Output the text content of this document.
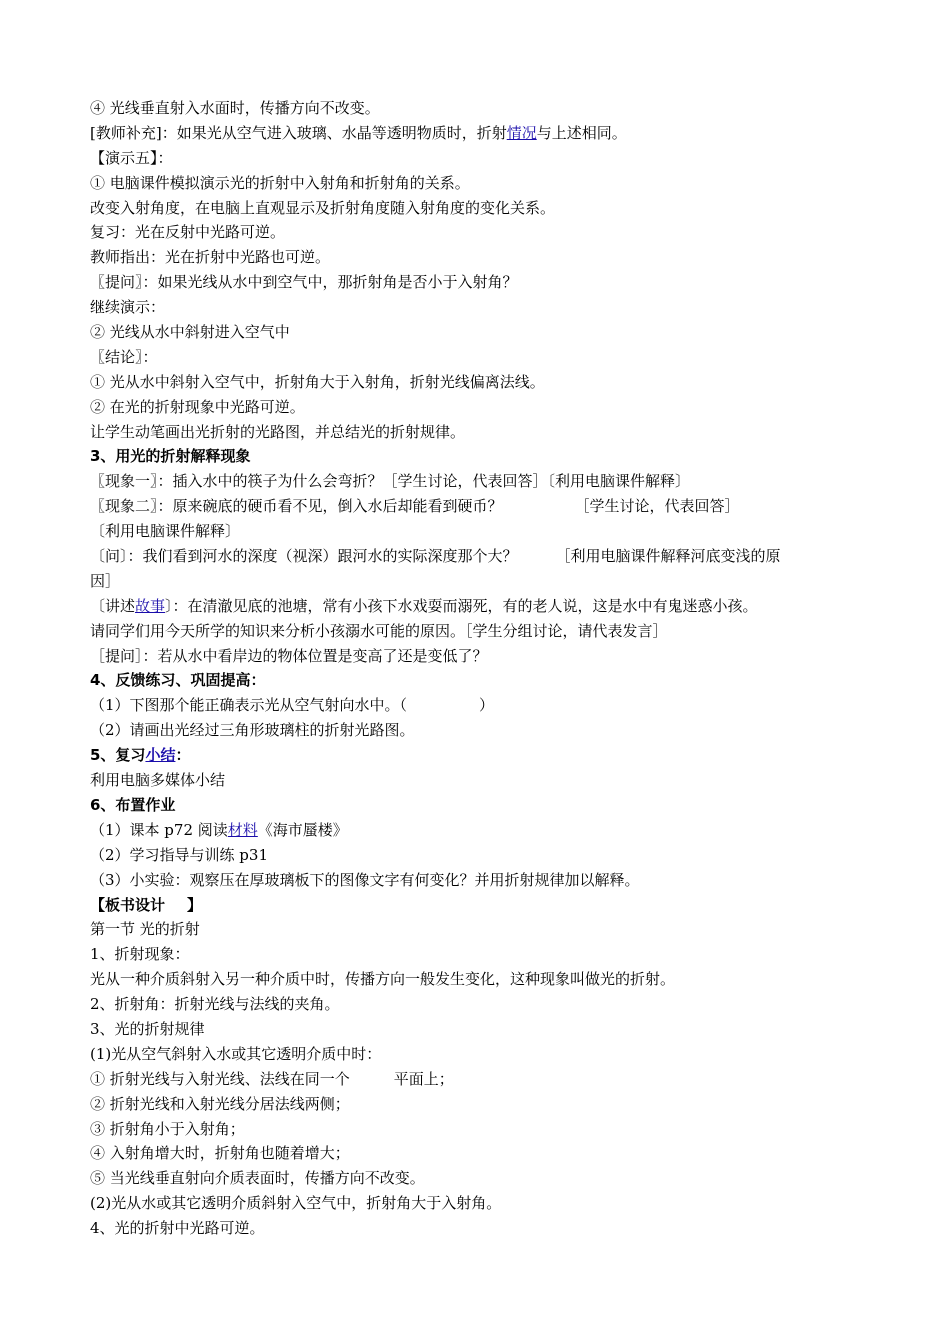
④ 光线垂直射入水面时，传播方向不改变。
[教师补充]：如果光从空气进入玻璃、水晶等透明物质时，折射情况与上述相同。
【演示五】：
① 电脑课件模拟演示光的折射中入射角和折射角的关系。
改变入射角度，在电脑上直观显示及折射角度随入射角度的变化关系。
复习：光在反射中光路可逆。
教师指出：光在折射中光路也可逆。
〖提问〗：如果光线从水中到空气中，那折射角是否小于入射角？
继续演示：
② 光线从水中斜射进入空气中
〖结论〗：
① 光从水中斜射入空气中，折射角大于入射角，折射光线偏离法线。
② 在光的折射现象中光路可逆。
让学生动笔画出光折射的光路图，并总结光的折射规律。
3、用光的折射解释现象
〖现象一〗：插入水中的筷子为什么会弯折？［学生讨论，代表回答］〔利用电脑课件解释〕
〖现象二〗：原来碗底的硬币看不见，倒入水后却能看到硬币？	［学生讨论，代表回答］
〔利用电脑课件解释〕
〔问〕：我们看到河水的深度（视深）跟河水的实际深度那个大？	［利用电脑课件解释河底变浅的原
因］
〔讲述故事〕：在清澈见底的池塘，常有小孩下水戏耍而溺死，有的老人说，这是水中有鬼迷惑小孩。
请同学们用今天所学的知识来分析小孩溺水可能的原因。［学生分组讨论，请代表发言］
［提问］：若从水中看岸边的物体位置是变高了还是变低了？
4、反馈练习、巩固提高：
（1）下图那个能正确表示光从空气射向水中。（	）
（2）请画出光经过三角形玻璃柱的折射光路图。
5、复习小结：
利用电脑多媒体小结
6、布置作业
（1）课本 p72 阅读材料《海市蜃楼》
（2）学习指导与训练 p31
（3）小实验：观察压在厚玻璃板下的图像文字有何变化？并用折射规律加以解释。
【板书设计 】
第一节 光的折射
1、折射现象：
光从一种介质斜射入另一种介质中时，传播方向一般发生变化，这种现象叫做光的折射。
2、折射角：折射光线与法线的夹角。
3、光的折射规律
(1)光从空气斜射入水或其它透明介质中时：
① 折射光线与入射光线、法线在同一个	平面上；
② 折射光线和入射光线分居法线两侧；
③ 折射角小于入射角；
④ 入射角增大时，折射角也随着增大；
⑤ 当光线垂直射向介质表面时，传播方向不改变。
(2)光从水或其它透明介质斜射入空气中，折射角大于入射角。
4、光的折射中光路可逆。
